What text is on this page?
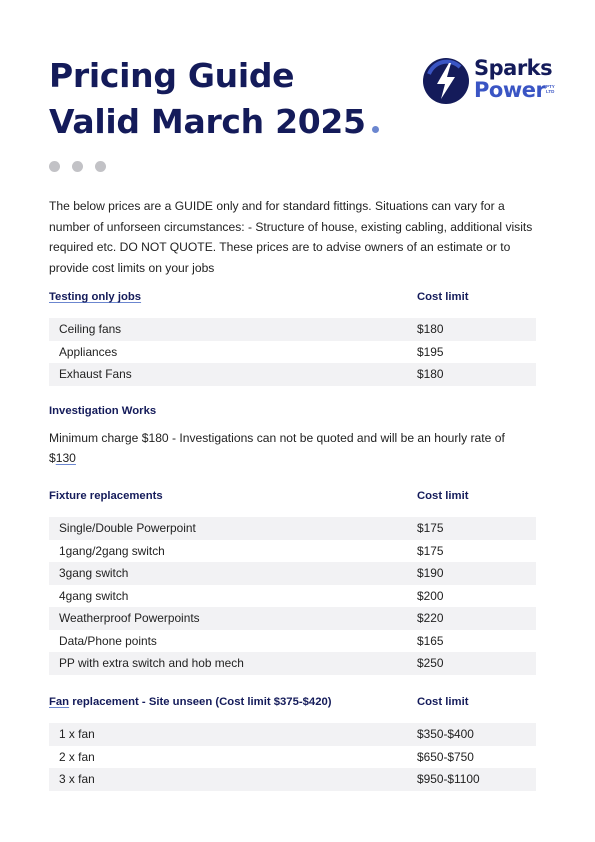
Pricing Guide
Valid March 2025
Sparks
Power PTY LTD

The below prices are a GUIDE only and for standard fittings. Situations can vary for a number of unforseen circumstances: - Structure of house, existing cabling, additional visits required etc. DO NOT QUOTE. These prices are to advise owners of an estimate or to provide cost limits on your jobs

Testing only jobs	Cost limit
Ceiling fans	$180
Appliances	$195
Exhaust Fans	$180
Investigation Works

Minimum charge $180 - Investigations can not be quoted and will be an hourly rate of $130

Fixture replacements	Cost limit
Single/Double Powerpoint	$175
1gang/2gang switch	$175
3gang switch	$190
4gang switch	$200
Weatherproof Powerpoints	$220
Data/Phone points	$165
PP with extra switch and hob mech	$250
Fan replacement - Site unseen (Cost limit $375-$420)	Cost limit
1 x fan	$350-$400
2 x fan	$650-$750
3 x fan	$950-$1100
